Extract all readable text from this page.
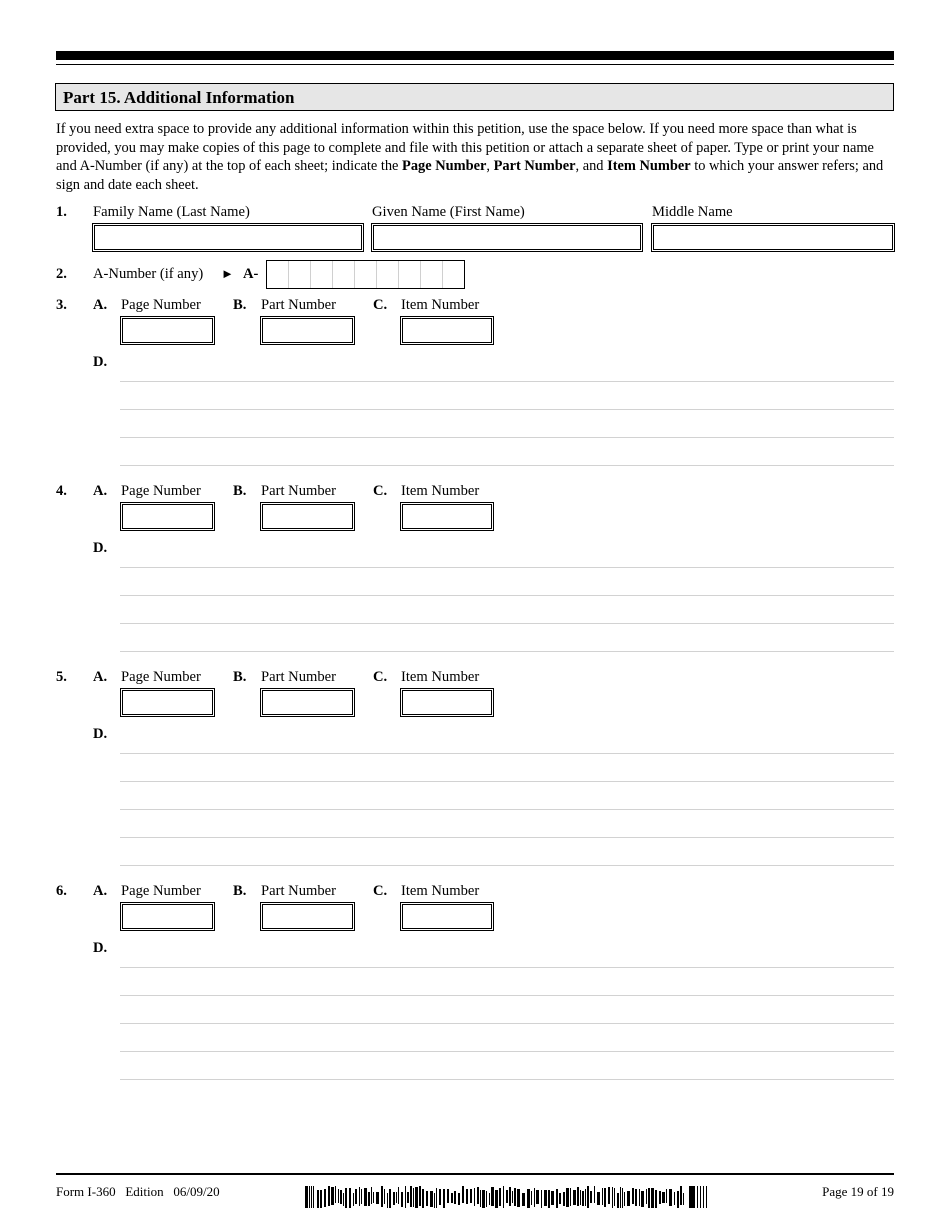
Part 15. Additional Information

If you need extra space to provide any additional information within this petition, use the space below. If you need more space than what is provided, you may make copies of this page to complete and file with this petition or attach a separate sheet of paper. Type or print your name and A-Number (if any) at the top of each sheet; indicate the Page Number, Part Number, and Item Number to which your answer refers; and sign and date each sheet.

1. Family Name (Last Name)	Given Name (First Name)	Middle Name
2. A-Number (if any) ► A-
3. A. Page Number B. Part Number	C. Item Number
D.
4. A. Page Number B. Part Number	C. Item Number
D.
5. A. Page Number B. Part Number	C. Item Number
D.
6. A. Page Number B. Part Number	C. Item Number
D.
Form I-360   Edition   06/09/20	Page 19 of 19
